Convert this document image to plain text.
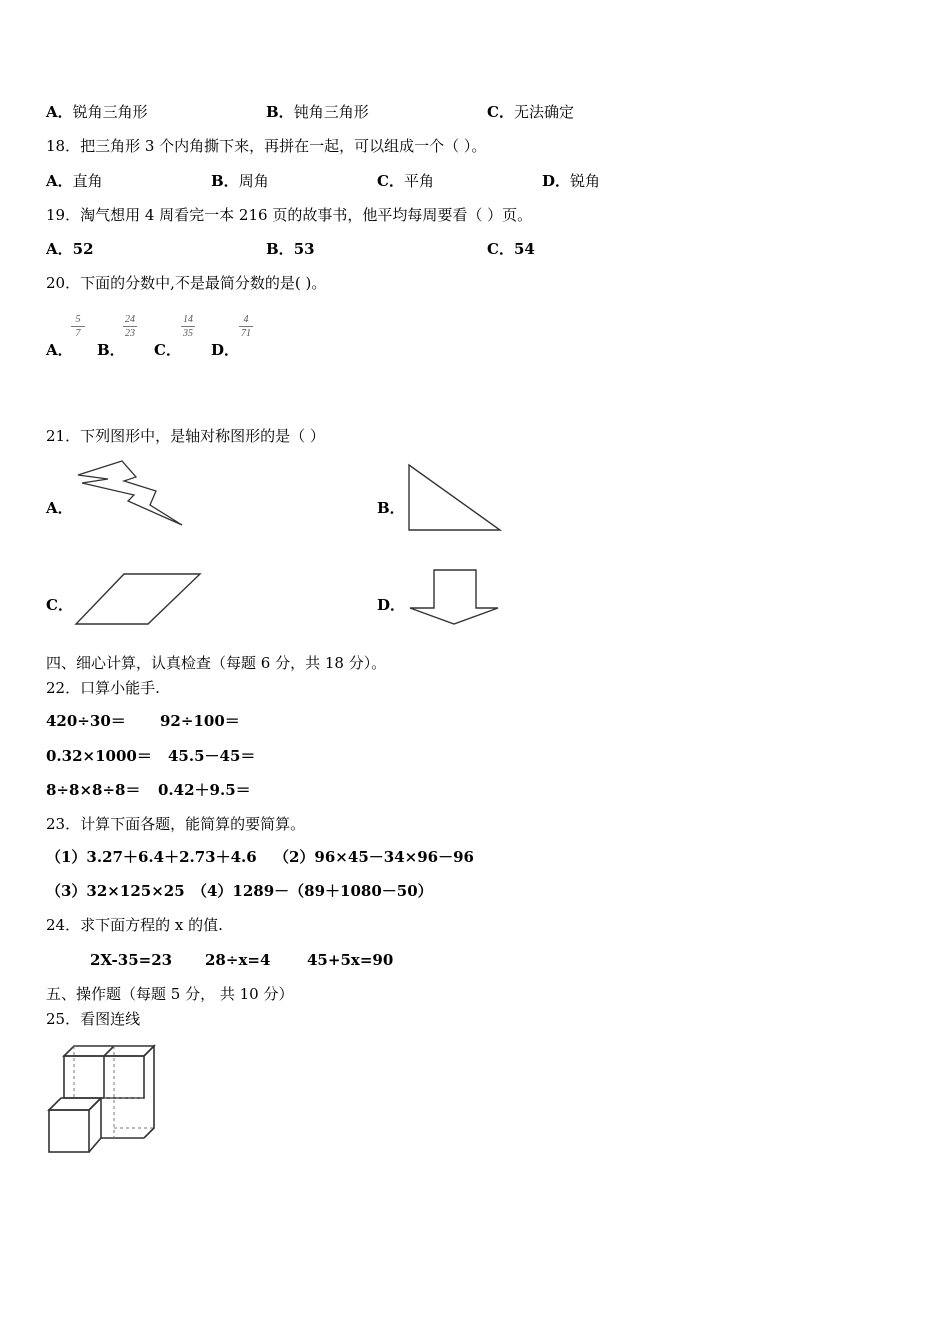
A．锐角三角形	B．钝角三角形	C．无法确定
18．把三角形 3 个内角撕下来，再拼在一起，可以组成一个（ ）。
A．直角	B．周角	C．平角	D．锐角
19．淘气想用 4 周看完一本 216 页的故事书，他平均每周要看（ ）页。
A．52	B．53	C．54
20．下面的分数中,不是最简分数的是( )。
A．
5
7
B．
24
23
C．
14
35
D．
4
71
21．下列图形中，是轴对称图形的是（ ）
A．	B．
C．	D．
四、细心计算，认真检查（每题 6 分，共 18 分）。
22．口算小能手.
420÷30＝ 92÷100＝
0.32×1000＝ 45.5－45＝
8÷8×8÷8＝ 0.42＋9.5＝
23．计算下面各题，能简算的要简算。
（1）3.27＋6.4＋2.73＋4.6 （2）96×45－34×96－96
（3）32×125×25 （4）1289－（89＋1080－50）
24．求下面方程的 x 的值.
2X-35=23 28÷x=4 45+5x=90
五、操作题（每题 5 分， 共 10 分）
25．看图连线
